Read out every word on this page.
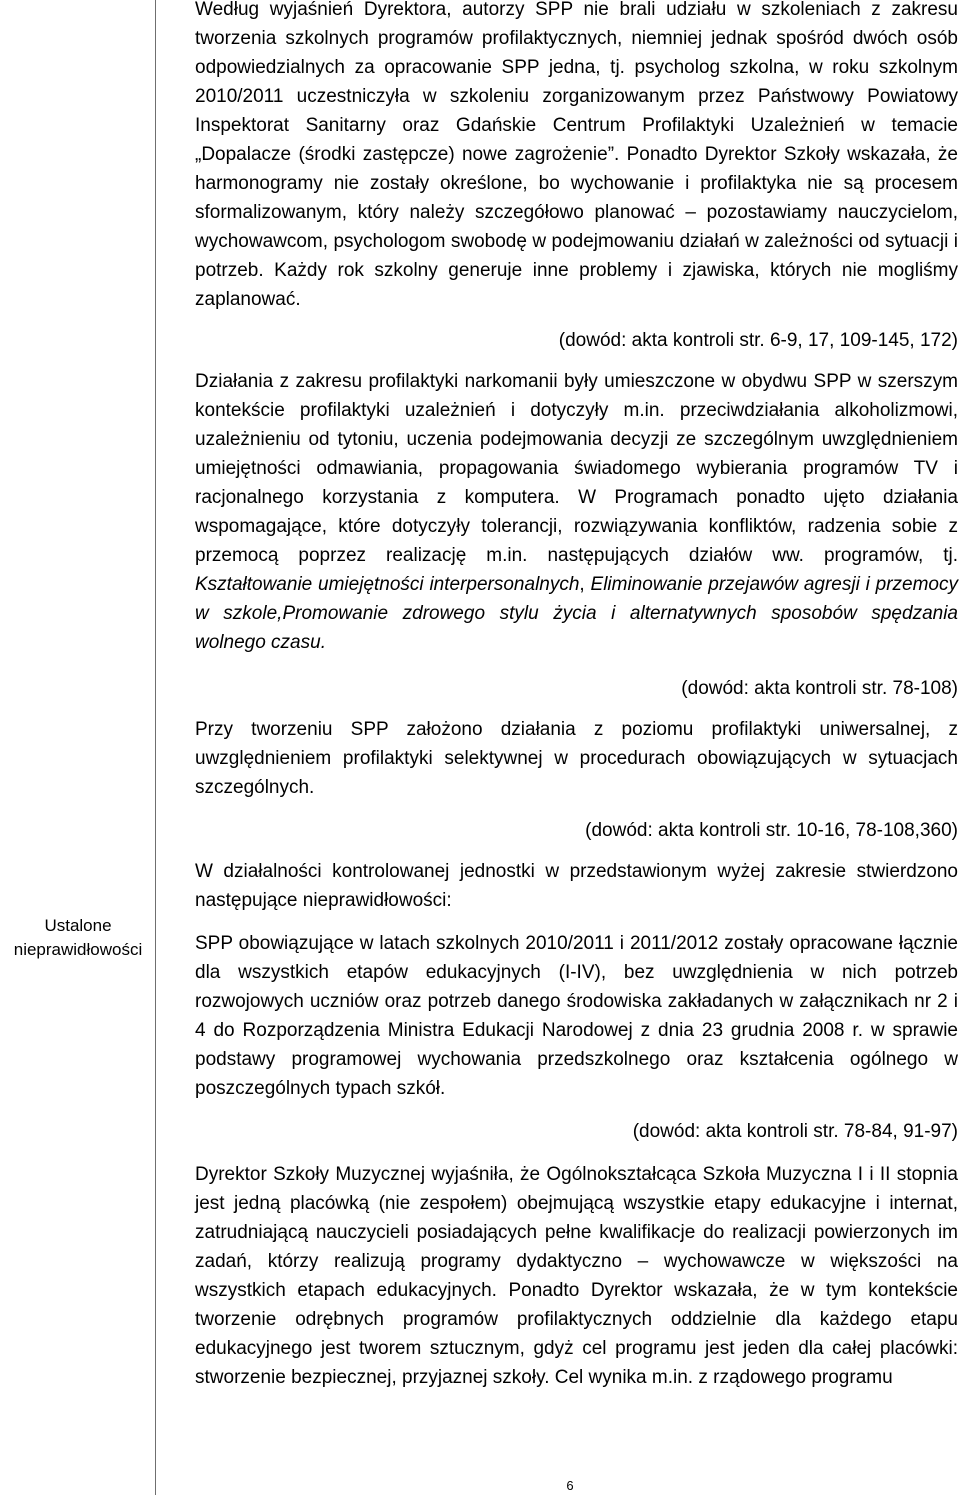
Ustalone
nieprawidłowości

Według wyjaśnień Dyrektora, autorzy SPP nie brali udziału w szkoleniach z zakresu tworzenia szkolnych programów profilaktycznych, niemniej jednak spośród dwóch osób odpowiedzialnych za opracowanie SPP jedna, tj. psycholog szkolna, w roku szkolnym 2010/2011 uczestniczyła w szkoleniu zorganizowanym przez Państwowy Powiatowy Inspektorat Sanitarny oraz Gdańskie Centrum Profilaktyki Uzależnień w temacie „Dopalacze (środki zastępcze) nowe zagrożenie”. Ponadto Dyrektor Szkoły wskazała, że harmonogramy nie zostały określone, bo wychowanie i profilaktyka nie są procesem sformalizowanym, który należy szczegółowo planować – pozostawiamy nauczycielom, wychowawcom, psychologom swobodę w podejmowaniu działań w zależności od sytuacji i potrzeb. Każdy rok szkolny generuje inne problemy i zjawiska, których nie mogliśmy zaplanować.

(dowód: akta kontroli str. 6-9, 17, 109-145, 172)

Działania z zakresu profilaktyki narkomanii były umieszczone w obydwu SPP w szerszym kontekście profilaktyki uzależnień i dotyczyły m.in. przeciwdziałania alkoholizmowi, uzależnieniu od tytoniu, uczenia podejmowania decyzji ze szczególnym uwzględnieniem umiejętności odmawiania, propagowania świadomego wybierania programów TV i racjonalnego korzystania z komputera. W Programach ponadto ujęto działania wspomagające, które dotyczyły tolerancji, rozwiązywania konfliktów, radzenia sobie z przemocą poprzez realizację m.in. następujących działów ww. programów, tj. Kształtowanie umiejętności interpersonalnych, Eliminowanie przejawów agresji i przemocy w szkole,Promowanie zdrowego stylu życia i alternatywnych sposobów spędzania wolnego czasu.

(dowód: akta kontroli str. 78-108)

Przy tworzeniu SPP założono działania z poziomu profilaktyki uniwersalnej, z uwzględnieniem profilaktyki selektywnej w procedurach obowiązujących w sytuacjach szczególnych.

(dowód: akta kontroli str. 10-16, 78-108,360)

W działalności kontrolowanej jednostki w przedstawionym wyżej zakresie stwierdzono następujące nieprawidłowości:

SPP obowiązujące w latach szkolnych 2010/2011 i 2011/2012 zostały opracowane łącznie dla wszystkich etapów edukacyjnych (I-IV), bez uwzględnienia w nich potrzeb rozwojowych uczniów oraz potrzeb danego środowiska zakładanych w załącznikach nr 2 i 4 do Rozporządzenia Ministra Edukacji Narodowej z dnia 23 grudnia 2008 r. w sprawie podstawy programowej wychowania przedszkolnego oraz kształcenia ogólnego w poszczególnych typach szkół.

(dowód: akta kontroli str. 78-84, 91-97)

Dyrektor Szkoły Muzycznej wyjaśniła, że Ogólnokształcąca Szkoła Muzyczna I i II stopnia jest jedną placówką (nie zespołem) obejmującą wszystkie etapy edukacyjne i internat, zatrudniającą nauczycieli posiadających pełne kwalifikacje do realizacji powierzonych im zadań, którzy realizują programy dydaktyczno – wychowawcze w większości na wszystkich etapach edukacyjnych. Ponadto Dyrektor wskazała, że w tym kontekście tworzenie odrębnych programów profilaktycznych oddzielnie dla każdego etapu edukacyjnego jest tworem sztucznym, gdyż cel programu jest jeden dla całej placówki: stworzenie bezpiecznej, przyjaznej szkoły. Cel wynika m.in. z rządowego programu

6
